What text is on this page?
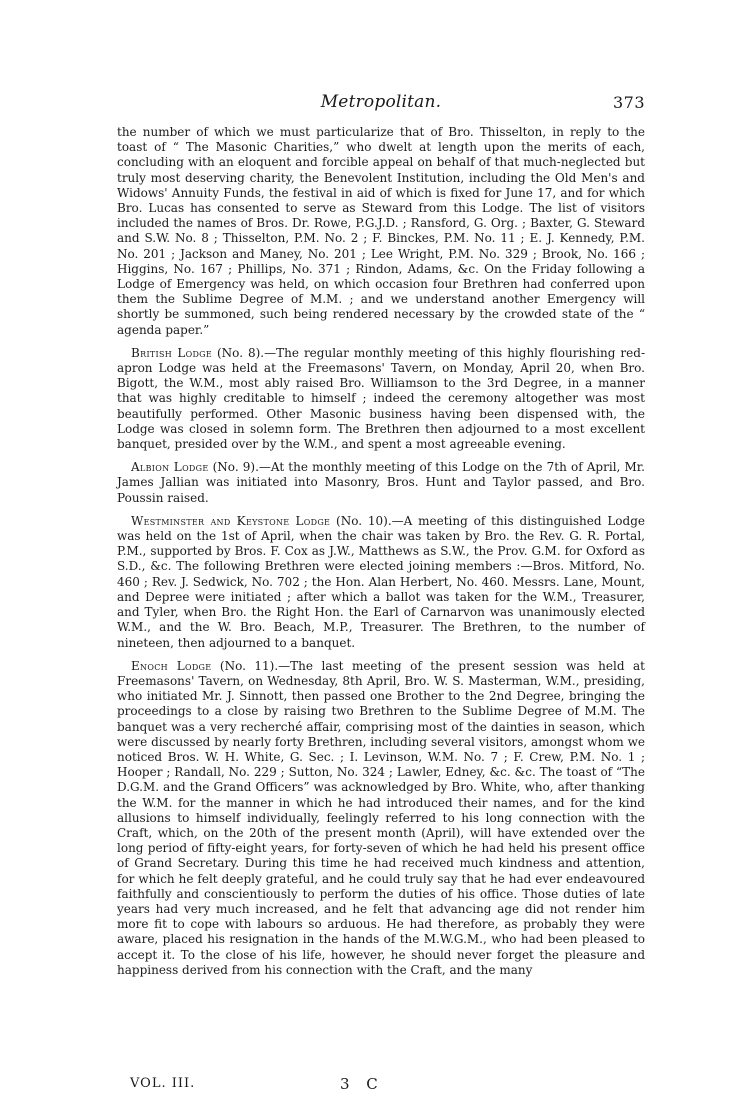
Metropolitan.	373

the number of which we must particularize that of Bro. Thisselton, in reply to the toast of “ The Masonic Charities,” who dwelt at length upon the merits of each, concluding with an eloquent and forcible appeal on behalf of that much-neglected but truly most deserving charity, the Benevolent Institution, including the Old Men's and Widows' Annuity Funds, the festival in aid of which is fixed for June 17, and for which Bro. Lucas has consented to serve as Steward from this Lodge. The list of visitors included the names of Bros. Dr. Rowe, P.G.J.D. ; Ransford, G. Org. ; Baxter, G. Steward and S.W. No. 8 ; Thisselton, P.M. No. 2 ; F. Binckes, P.M. No. 11 ; E. J. Kennedy, P.M. No. 201 ; Jackson and Maney, No. 201 ; Lee Wright, P.M. No. 329 ; Brook, No. 166 ; Higgins, No. 167 ; Phillips, No. 371 ; Rindon, Adams, &c. On the Friday following a Lodge of Emergency was held, on which occasion four Brethren had conferred upon them the Sublime Degree of M.M. ; and we understand another Emergency will shortly be summoned, such being rendered necessary by the crowded state of the “ agenda paper.”

British Lodge (No. 8).—The regular monthly meeting of this highly flourishing red-apron Lodge was held at the Freemasons' Tavern, on Monday, April 20, when Bro. Bigott, the W.M., most ably raised Bro. Williamson to the 3rd Degree, in a manner that was highly creditable to himself ; indeed the ceremony altogether was most beautifully performed. Other Masonic business having been dispensed with, the Lodge was closed in solemn form. The Brethren then adjourned to a most excellent banquet, presided over by the W.M., and spent a most agreeable evening.

Albion Lodge (No. 9).—At the monthly meeting of this Lodge on the 7th of April, Mr. James Jallian was initiated into Masonry, Bros. Hunt and Taylor passed, and Bro. Poussin raised.

Westminster and Keystone Lodge (No. 10).—A meeting of this distinguished Lodge was held on the 1st of April, when the chair was taken by Bro. the Rev. G. R. Portal, P.M., supported by Bros. F. Cox as J.W., Matthews as S.W., the Prov. G.M. for Oxford as S.D., &c. The following Brethren were elected joining members :—Bros. Mitford, No. 460 ; Rev. J. Sedwick, No. 702 ; the Hon. Alan Herbert, No. 460. Messrs. Lane, Mount, and Depree were initiated ; after which a ballot was taken for the W.M., Treasurer, and Tyler, when Bro. the Right Hon. the Earl of Carnarvon was unanimously elected W.M., and the W. Bro. Beach, M.P., Treasurer. The Brethren, to the number of nineteen, then adjourned to a banquet.

Enoch Lodge (No. 11).—The last meeting of the present session was held at Freemasons' Tavern, on Wednesday, 8th April, Bro. W. S. Masterman, W.M., presiding, who initiated Mr. J. Sinnott, then passed one Brother to the 2nd Degree, bringing the proceedings to a close by raising two Brethren to the Sublime Degree of M.M. The banquet was a very recherché affair, comprising most of the dainties in season, which were discussed by nearly forty Brethren, including several visitors, amongst whom we noticed Bros. W. H. White, G. Sec. ; I. Levinson, W.M. No. 7 ; F. Crew, P.M. No. 1 ; Hooper ; Randall, No. 229 ; Sutton, No. 324 ; Lawler, Edney, &c. &c. The toast of “The D.G.M. and the Grand Officers” was acknowledged by Bro. White, who, after thanking the W.M. for the manner in which he had introduced their names, and for the kind allusions to himself individually, feelingly referred to his long connection with the Craft, which, on the 20th of the present month (April), will have extended over the long period of fifty-eight years, for forty-seven of which he had held his present office of Grand Secretary. During this time he had received much kindness and attention, for which he felt deeply grateful, and he could truly say that he had ever endeavoured faithfully and conscientiously to perform the duties of his office. Those duties of late years had very much increased, and he felt that advancing age did not render him more fit to cope with labours so arduous. He had therefore, as probably they were aware, placed his resignation in the hands of the M.W.G.M., who had been pleased to accept it. To the close of his life, however, he should never forget the pleasure and happiness derived from his connection with the Craft, and the many

VOL. III.	3 C
